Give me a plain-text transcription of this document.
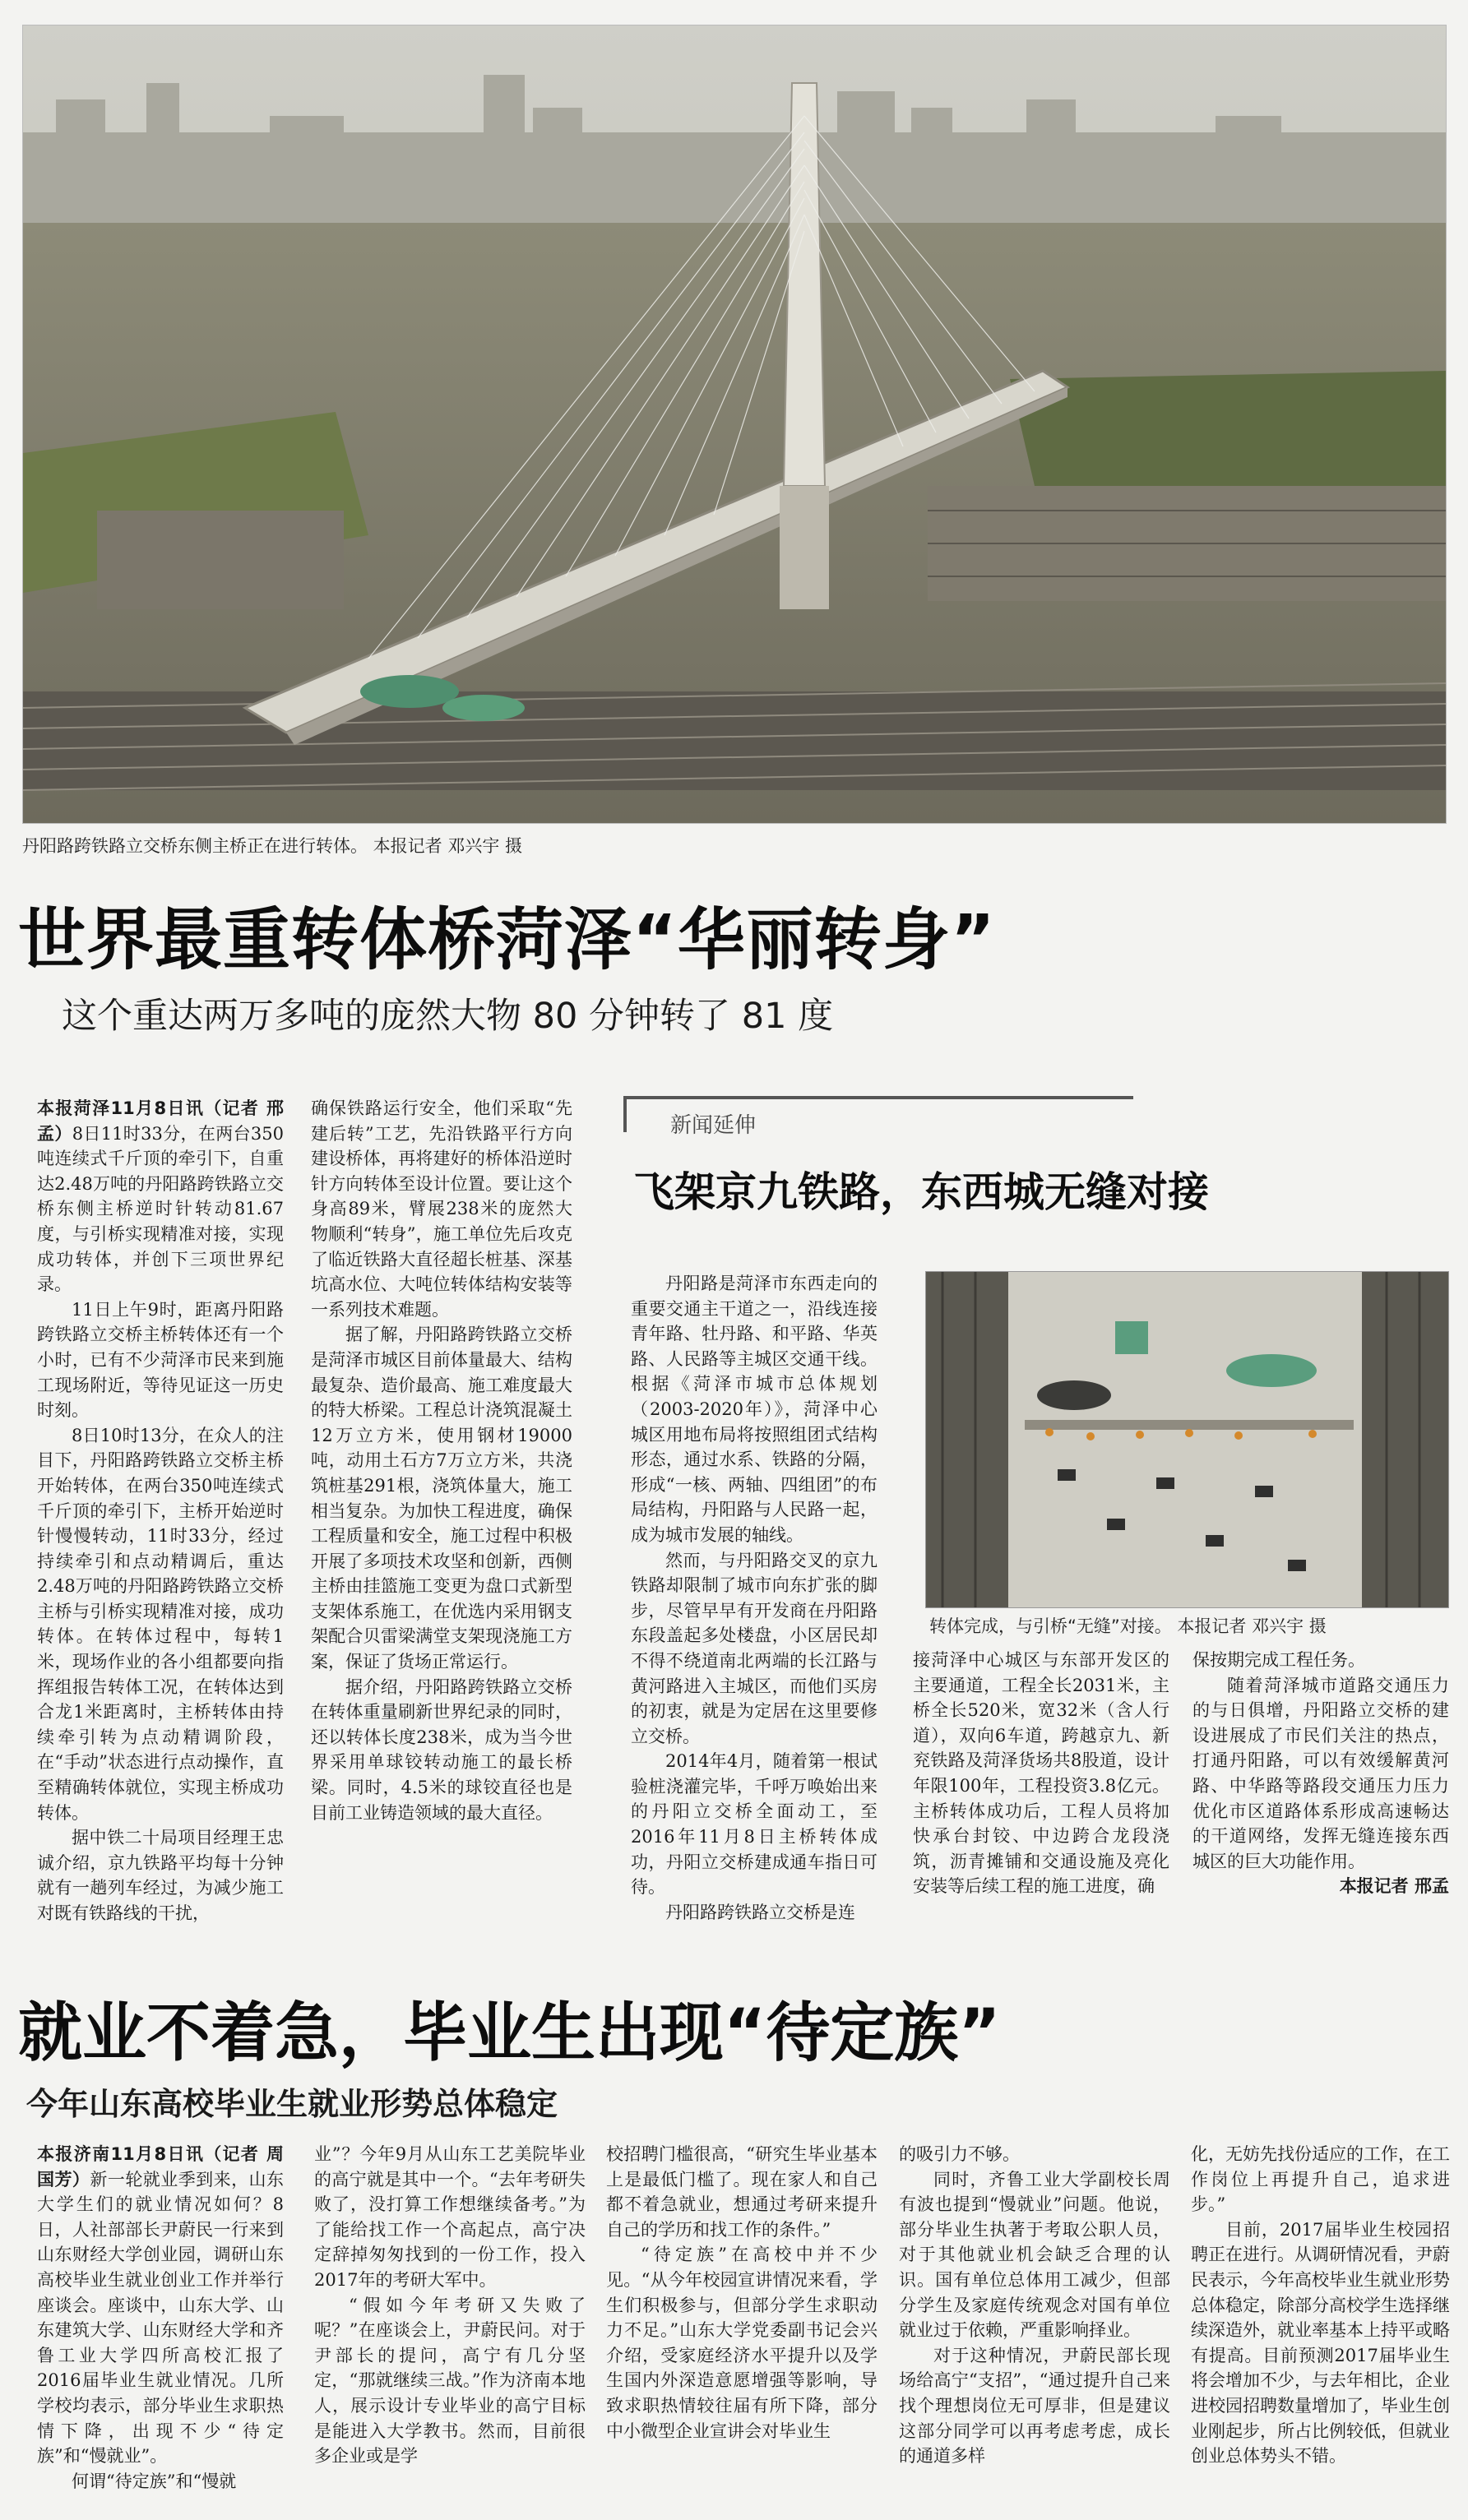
丹阳路跨铁路立交桥东侧主桥正在进行转体。 本报记者 邓兴宇 摄
世界最重转体桥菏泽“华丽转身”
这个重达两万多吨的庞然大物 80 分钟转了 81 度

本报菏泽11月8日讯（记者 邢孟）8日11时33分，在两台350吨连续式千斤顶的牵引下，自重达2.48万吨的丹阳路跨铁路立交桥东侧主桥逆时针转动81.67度，与引桥实现精准对接，实现成功转体，并创下三项世界纪录。

11日上午9时，距离丹阳路跨铁路立交桥主桥转体还有一个小时，已有不少菏泽市民来到施工现场附近，等待见证这一历史时刻。

8日10时13分，在众人的注目下，丹阳路跨铁路立交桥主桥开始转体，在两台350吨连续式千斤顶的牵引下，主桥开始逆时针慢慢转动，11时33分，经过持续牵引和点动精调后，重达2.48万吨的丹阳路跨铁路立交桥主桥与引桥实现精准对接，成功转体。在转体过程中，每转1米，现场作业的各小组都要向指挥组报告转体工况，在转体达到合龙1米距离时，主桥转体由持续牵引转为点动精调阶段，在“手动”状态进行点动操作，直至精确转体就位，实现主桥成功转体。

据中铁二十局项目经理王忠诚介绍，京九铁路平均每十分钟就有一趟列车经过，为减少施工对既有铁路线的干扰，

确保铁路运行安全，他们采取“先建后转”工艺，先沿铁路平行方向建设桥体，再将建好的桥体沿逆时针方向转体至设计位置。要让这个身高89米，臂展238米的庞然大物顺利“转身”，施工单位先后攻克了临近铁路大直径超长桩基、深基坑高水位、大吨位转体结构安装等一系列技术难题。

据了解，丹阳路跨铁路立交桥是菏泽市城区目前体量最大、结构最复杂、造价最高、施工难度最大的特大桥梁。工程总计浇筑混凝土12万立方米，使用钢材19000吨，动用土石方7万立方米，共浇筑桩基291根，浇筑体量大，施工相当复杂。为加快工程进度，确保工程质量和安全，施工过程中积极开展了多项技术攻坚和创新，西侧主桥由挂篮施工变更为盘口式新型支架体系施工，在优选内采用钢支架配合贝雷梁满堂支架现浇施工方案，保证了货场正常运行。

据介绍，丹阳路跨铁路立交桥在转体重量刷新世界纪录的同时，还以转体长度238米，成为当今世界采用单球铰转动施工的最长桥梁。同时，4.5米的球铰直径也是目前工业铸造领域的最大直径。

新闻延伸
飞架京九铁路，东西城无缝对接

丹阳路是菏泽市东西走向的重要交通主干道之一，沿线连接青年路、牡丹路、和平路、华英路、人民路等主城区交通干线。根据《菏泽市城市总体规划（2003-2020年）》，菏泽中心城区用地布局将按照组团式结构形态，通过水系、铁路的分隔，形成“一核、两轴、四组团”的布局结构，丹阳路与人民路一起，成为城市发展的轴线。

然而，与丹阳路交叉的京九铁路却限制了城市向东扩张的脚步，尽管早早有开发商在丹阳路东段盖起多处楼盘，小区居民却不得不绕道南北两端的长江路与黄河路进入主城区，而他们买房的初衷，就是为定居在这里要修立交桥。

2014年4月，随着第一根试验桩浇灌完毕，千呼万唤始出来的丹阳立交桥全面动工，至2016年11月8日主桥转体成功，丹阳立交桥建成通车指日可待。

丹阳路跨铁路立交桥是连

转体完成，与引桥“无缝”对接。 本报记者 邓兴宇 摄

接菏泽中心城区与东部开发区的主要通道，工程全长2031米，主桥全长520米，宽32米（含人行道），双向6车道，跨越京九、新兖铁路及菏泽货场共8股道，设计年限100年，工程投资3.8亿元。主桥转体成功后，工程人员将加快承台封铰、中边跨合龙段浇筑，沥青摊铺和交通设施及亮化安装等后续工程的施工进度，确

保按期完成工程任务。

随着菏泽城市道路交通压力的与日俱增，丹阳路立交桥的建设进展成了市民们关注的热点，打通丹阳路，可以有效缓解黄河路、中华路等路段交通压力压力优化市区道路体系形成高速畅达的干道网络，发挥无缝连接东西城区的巨大功能作用。

本报记者 邢孟

就业不着急，毕业生出现“待定族”
今年山东高校毕业生就业形势总体稳定

本报济南11月8日讯（记者 周国芳）新一轮就业季到来，山东大学生们的就业情况如何？8日，人社部部长尹蔚民一行来到山东财经大学创业园，调研山东高校毕业生就业创业工作并举行座谈会。座谈中，山东大学、山东建筑大学、山东财经大学和齐鲁工业大学四所高校汇报了2016届毕业生就业情况。几所学校均表示，部分毕业生求职热情下降，出现不少“待定族”和“慢就业”。

何谓“待定族”和“慢就

业”？今年9月从山东工艺美院毕业的高宁就是其中一个。“去年考研失败了，没打算工作想继续备考。”为了能给找工作一个高起点，高宁决定辞掉匆匆找到的一份工作，投入2017年的考研大军中。

“假如今年考研又失败了呢？”在座谈会上，尹蔚民问。对于尹部长的提问，高宁有几分坚定，“那就继续三战。”作为济南本地人，展示设计专业毕业的高宁目标是能进入大学教书。然而，目前很多企业或是学

校招聘门槛很高，“研究生毕业基本上是最低门槛了。现在家人和自己都不着急就业，想通过考研来提升自己的学历和找工作的条件。”

“待定族”在高校中并不少见。“从今年校园宣讲情况来看，学生们积极参与，但部分学生求职动力不足。”山东大学党委副书记会兴介绍，受家庭经济水平提升以及学生国内外深造意愿增强等影响，导致求职热情较往届有所下降，部分中小微型企业宣讲会对毕业生

的吸引力不够。

同时，齐鲁工业大学副校长周有波也提到“慢就业”问题。他说，部分毕业生执著于考取公职人员，对于其他就业机会缺乏合理的认识。国有单位总体用工减少，但部分学生及家庭传统观念对国有单位就业过于依赖，严重影响择业。

对于这种情况，尹蔚民部长现场给高宁“支招”，“通过提升自己来找个理想岗位无可厚非，但是建议这部分同学可以再考虑考虑，成长的通道多样

化，无妨先找份适应的工作，在工作岗位上再提升自己，追求进步。”

目前，2017届毕业生校园招聘正在进行。从调研情况看，尹蔚民表示，今年高校毕业生就业形势总体稳定，除部分高校学生选择继续深造外，就业率基本上持平或略有提高。目前预测2017届毕业生将会增加不少，与去年相比，企业进校园招聘数量增加了，毕业生创业刚起步，所占比例较低，但就业创业总体势头不错。
